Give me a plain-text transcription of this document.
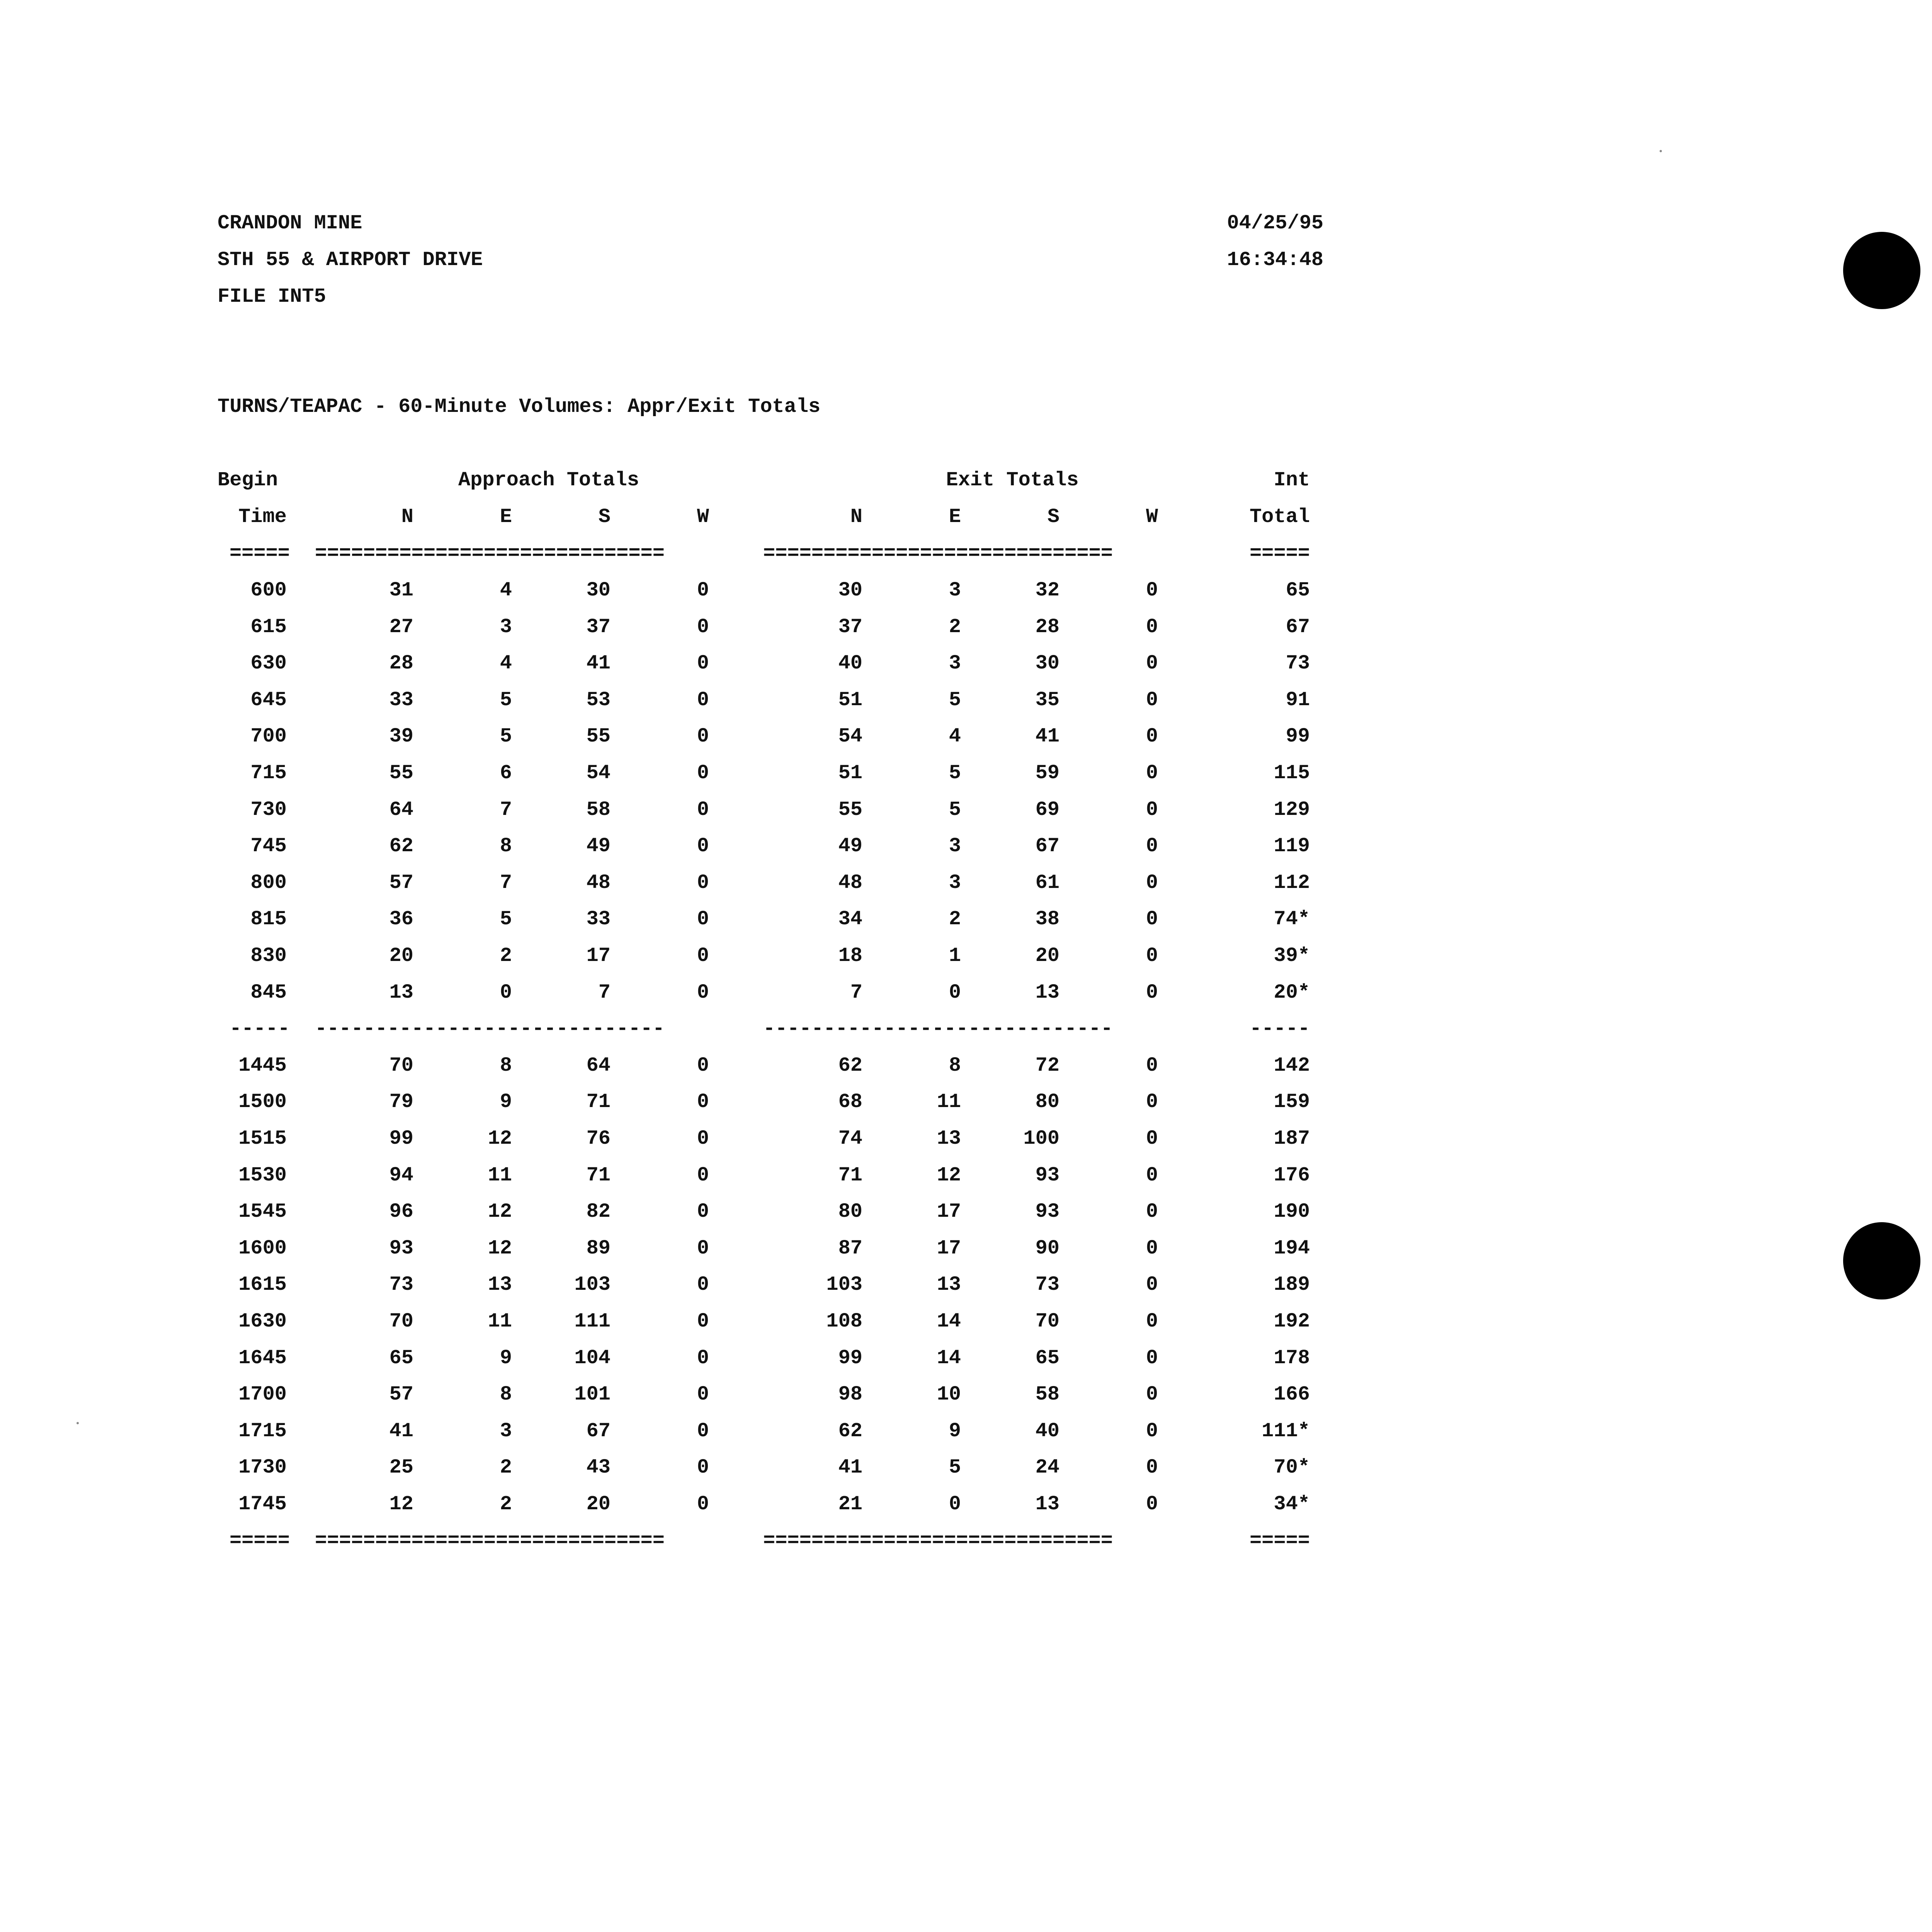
CRANDON MINE
STH 55 & AIRPORT DRIVE
FILE INT5
04/25/95
16:34:48
TURNS/TEAPAC - 60-Minute Volumes: Appr/Exit Totals
Begin	Approach Totals	Exit Totals	Int
Time	N	E	S	W	N	E	S	W	Total
===== =============================	=============================	=====
600	31	4	30	0	30	3	32	0	65
615	27	3	37	0	37	2	28	0	67
630	28	4	41	0	40	3	30	0	73
645	33	5	53	0	51	5	35	0	91
700	39	5	55	0	54	4	41	0	99
715	55	6	54	0	51	5	59	0	115
730	64	7	58	0	55	5	69	0	129
745	62	8	49	0	49	3	67	0	119
800	57	7	48	0	48	3	61	0	112
815	36	5	33	0	34	2	38	0	74*
830	20	2	17	0	18	1	20	0	39*
845	13	0	7	0	7	0	13	0	20*
----- -----------------------------	-----------------------------	-----
1445	70	8	64	0	62	8	72	0	142
1500	79	9	71	0	68	11	80	0	159
1515	99	12	76	0	74	13	100	0	187
1530	94	11	71	0	71	12	93	0	176
1545	96	12	82	0	80	17	93	0	190
1600	93	12	89	0	87	17	90	0	194
1615	73	13	103	0	103	13	73	0	189
1630	70	11	111	0	108	14	70	0	192
1645	65	9	104	0	99	14	65	0	178
1700	57	8	101	0	98	10	58	0	166
1715	41	3	67	0	62	9	40	0	111*
1730	25	2	43	0	41	5	24	0	70*
1745	12	2	20	0	21	0	13	0	34*
===== =============================	=============================	=====
